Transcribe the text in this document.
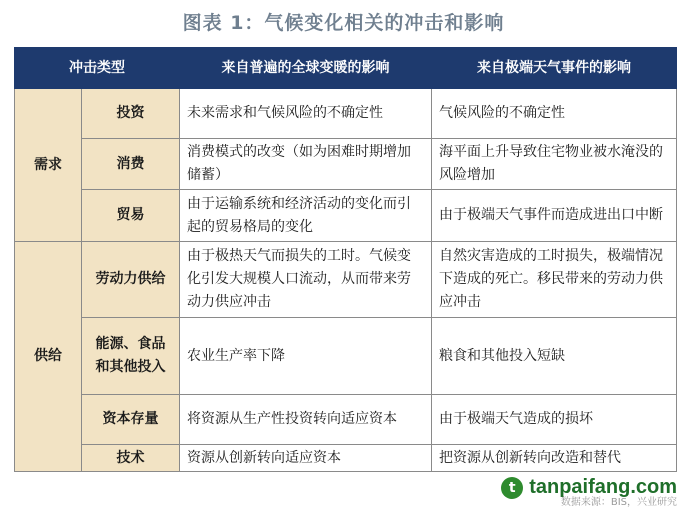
图表 1：气候变化相关的冲击和影响
冲击类型		来自普遍的全球变暖的影响	来自极端天气事件的影响
需求	投资	未来需求和气候风险的不确定性	气候风险的不确定性
	消费	消费模式的改变（如为困难时期增加储蓄）	海平面上升导致住宅物业被水淹没的风险增加
	贸易	由于运输系统和经济活动的变化而引起的贸易格局的变化	由于极端天气事件而造成进出口中断
供给	劳动力供给	由于极热天气而损失的工时。气候变化引发大规模人口流动，从而带来劳动力供应冲击	自然灾害造成的工时损失，极端情况下造成的死亡。移民带来的劳动力供应冲击
	能源、食品和其他投入	农业生产率下降	粮食和其他投入短缺
	资本存量	将资源从生产性投资转向适应资本	由于极端天气造成的损坏
	技术	资源从创新转向适应资本	把资源从创新转向改造和替代
t tanpaifang.com
数据来源：BIS，兴业研究
